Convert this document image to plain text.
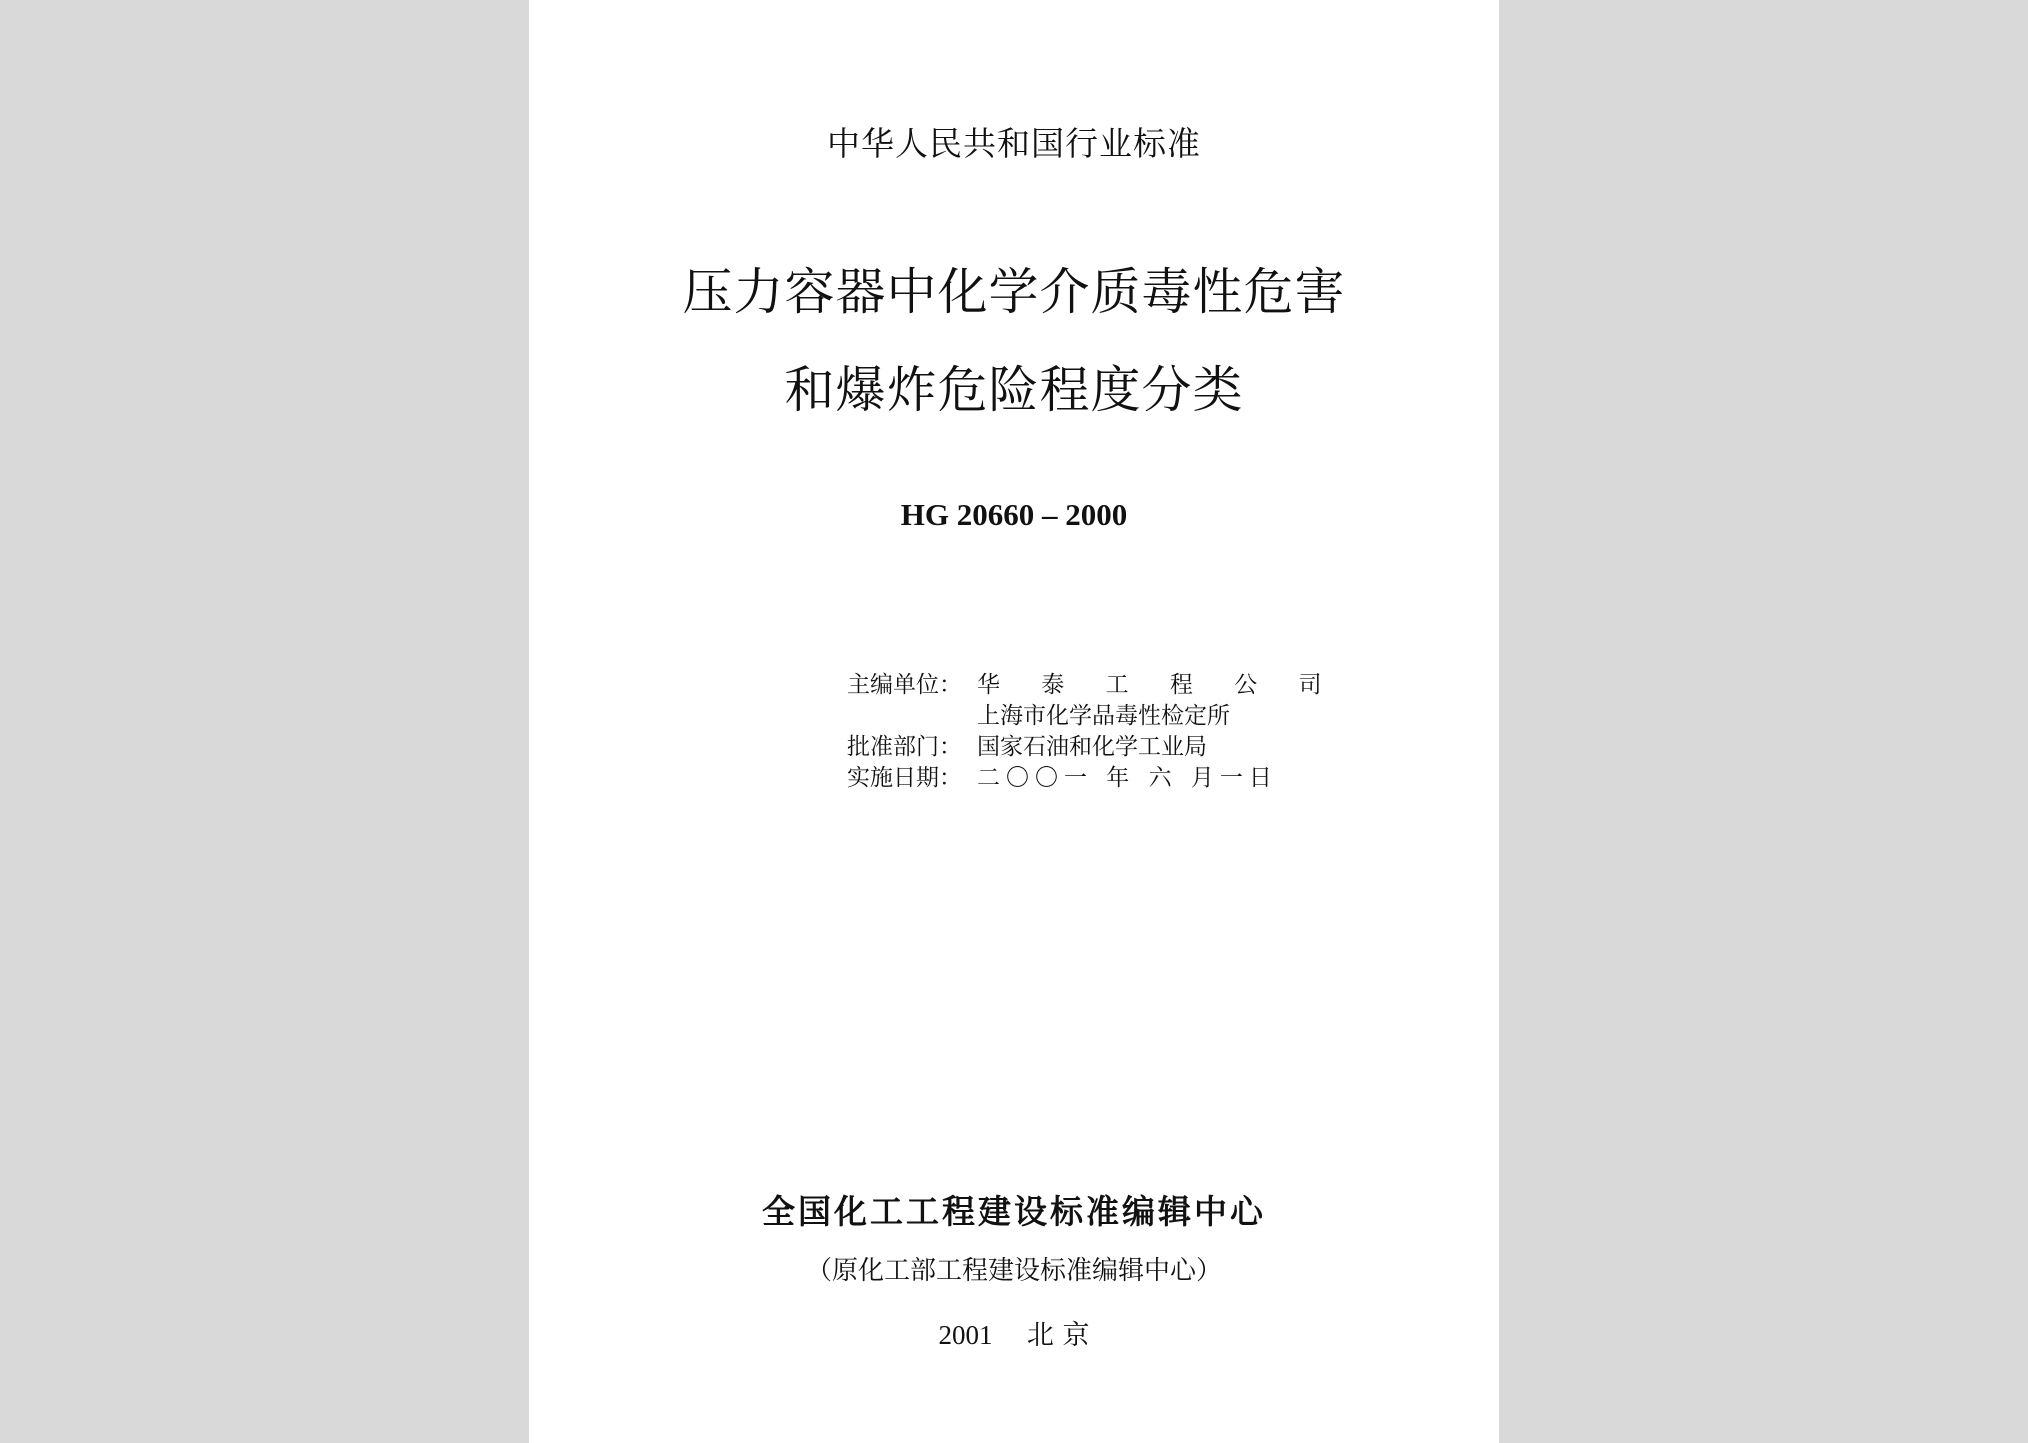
中华人民共和国行业标准
压力容器中化学介质毒性危害
和爆炸危险程度分类
HG 20660 – 2000
主编单位： 华 泰 工 程 公 司
上海市化学品毒性检定所
批准部门： 国家石油和化学工业局
实施日期： 二〇〇一 年 六 月一日
全国化工工程建设标准编辑中心
（原化工部工程建设标准编辑中心）
2001 北 京
